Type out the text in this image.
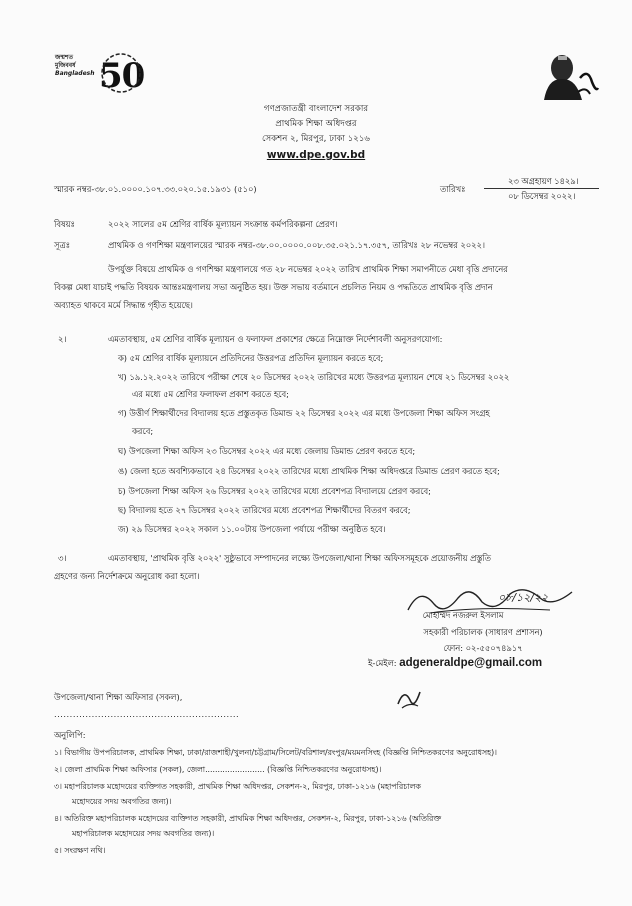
জন্মশত
মুজিববর্ষ
Bangladesh 50
গণপ্রজাতন্ত্রী বাংলাদেশ সরকার
প্রাথমিক শিক্ষা অধিদপ্তর
সেকশন ২, মিরপুর, ঢাকা ১২১৬
www.dpe.gov.bd
স্মারক নম্বর-৩৮.০১.০০০০.১০৭.৩৩.০২০.১৫.১৯৩১ (৫১০)	তারিখঃ
২৩ অগ্রহায়ণ ১৪২৯।
০৮ ডিসেম্বর ২০২২।
বিষয়ঃ	২০২২ সালের ৫ম শ্রেণির বার্ষিক মূল্যায়ন সংক্রান্ত কর্মপরিকল্পনা প্রেরণ।
সূত্রঃ	প্রাথমিক ও গণশিক্ষা মন্ত্রণালয়ের স্মারক নম্বর-৩৮.০০.০০০০.০০৮.৩৫.০২১.১৭.৩৫৭, তারিখঃ ২৮ নভেম্বর ২০২২।
উপর্যুক্ত বিষয়ে প্রাথমিক ও গণশিক্ষা মন্ত্রণালয়ে গত ২৮ নভেম্বর ২০২২ তারিখ প্রাথমিক শিক্ষা সমাপনীতে মেধা বৃত্তি প্রদানের
বিকল্প মেধা যাচাই পদ্ধতি বিষয়ক আন্তঃমন্ত্রণালয় সভা অনুষ্ঠিত হয়। উক্ত সভায় বর্তমানে প্রচলিত নিয়ম ও পদ্ধতিতে প্রাথমিক বৃত্তি প্রদান
অব্যাহত থাকবে মর্মে সিদ্ধান্ত গৃহীত হয়েছে।
২।	এমতাবস্থায়, ৫ম শ্রেণির বার্ষিক মূল্যায়ন ও ফলাফল প্রকাশের ক্ষেত্রে নিম্নোক্ত নির্দেশাবলী অনুসরণযোগ্য:
ক) ৫ম শ্রেণির বার্ষিক মূল্যায়নে প্রতিদিনের উত্তরপত্র প্রতিদিন মূল্যায়ন করতে হবে;
খ) ১৯.১২.২০২২ তারিখে পরীক্ষা শেষে ২০ ডিসেম্বর ২০২২ তারিখের মধ্যে উত্তরপত্র মূল্যায়ন শেষে ২১ ডিসেম্বর ২০২২
এর মধ্যে ৫ম শ্রেণির ফলাফল প্রকাশ করতে হবে;
গ) উত্তীর্ণ শিক্ষার্থীদের বিদ্যালয় হতে প্রস্তুতকৃত ডিমান্ড ২২ ডিসেম্বর ২০২২ এর মধ্যে উপজেলা শিক্ষা অফিস সংগ্রহ
করবে;
ঘ) উপজেলা শিক্ষা অফিস ২৩ ডিসেম্বর ২০২২ এর মধ্যে জেলায় ডিমান্ড প্রেরণ করতে হবে;
ঙ) জেলা হতে অবশ্যিকভাবে ২৪ ডিসেম্বর ২০২২ তারিখের মধ্যে প্রাথমিক শিক্ষা অধিদপ্তরে ডিমান্ড প্রেরণ করতে হবে;
চ) উপজেলা শিক্ষা অফিস ২৬ ডিসেম্বর ২০২২ তারিখের মধ্যে প্রবেশপত্র বিদ্যালয়ে প্রেরণ করবে;
ছ) বিদ্যালয় হতে ২৭ ডিসেম্বর ২০২২ তারিখের মধ্যে প্রবেশপত্র শিক্ষার্থীদের বিতরণ করবে;
জ) ২৯ ডিসেম্বর ২০২২ সকাল ১১.০০টায় উপজেলা পর্যায়ে পরীক্ষা অনুষ্ঠিত হবে।
৩।	এমতাবস্থায়, 'প্রাথমিক বৃত্তি ২০২২' সুষ্ঠুভাবে সম্পাদনের লক্ষ্যে উপজেলা/থানা শিক্ষা অফিসসমূহকে প্রয়োজনীয় প্রস্তুতি
গ্রহণের জন্য নির্দেশক্রমে অনুরোধ করা হলো।
০৮/১২/২২
মোহাম্মদ নজরুল ইসলাম
সহকারী পরিচালক (সাধারণ প্রশাসন)
ফোন: ০২-৫৫০৭৪৯১৭
ই-মেইল: adgeneraldpe@gmail.com
উপজেলা/থানা শিক্ষা অফিসার (সকল),
...........................................................
অনুলিপি:
১। বিভাগীয় উপপরিচালক, প্রাথমিক শিক্ষা, ঢাকা/রাজশাহী/খুলনা/চট্টগ্রাম/সিলেট/বরিশাল/রংপুর/ময়মনসিংহ (বিজ্ঞপ্তি নিশ্চিতকরণের অনুরোধসহ)।
২। জেলা প্রাথমিক শিক্ষা অফিসার (সকল), জেলা........................ (বিজ্ঞপ্তি নিশ্চিতকরণের অনুরোধসহ)।
৩। মহাপরিচালক মহোদয়ের ব্যক্তিগত সহকারী, প্রাথমিক শিক্ষা অধিদপ্তর, সেকশন-২, মিরপুর, ঢাকা-১২১৬ (মহাপরিচালক
মহোদয়ের সদয় অবগতির জন্য)।
৪। অতিরিক্ত মহাপরিচালক মহোদয়ের ব্যক্তিগত সহকারী, প্রাথমিক শিক্ষা অধিদপ্তর, সেকশন-২, মিরপুর, ঢাকা-১২১৬ (অতিরিক্ত
মহাপরিচালক মহোদয়ের সদয় অবগতির জন্য)।
৫। সংরক্ষণ নথি।
